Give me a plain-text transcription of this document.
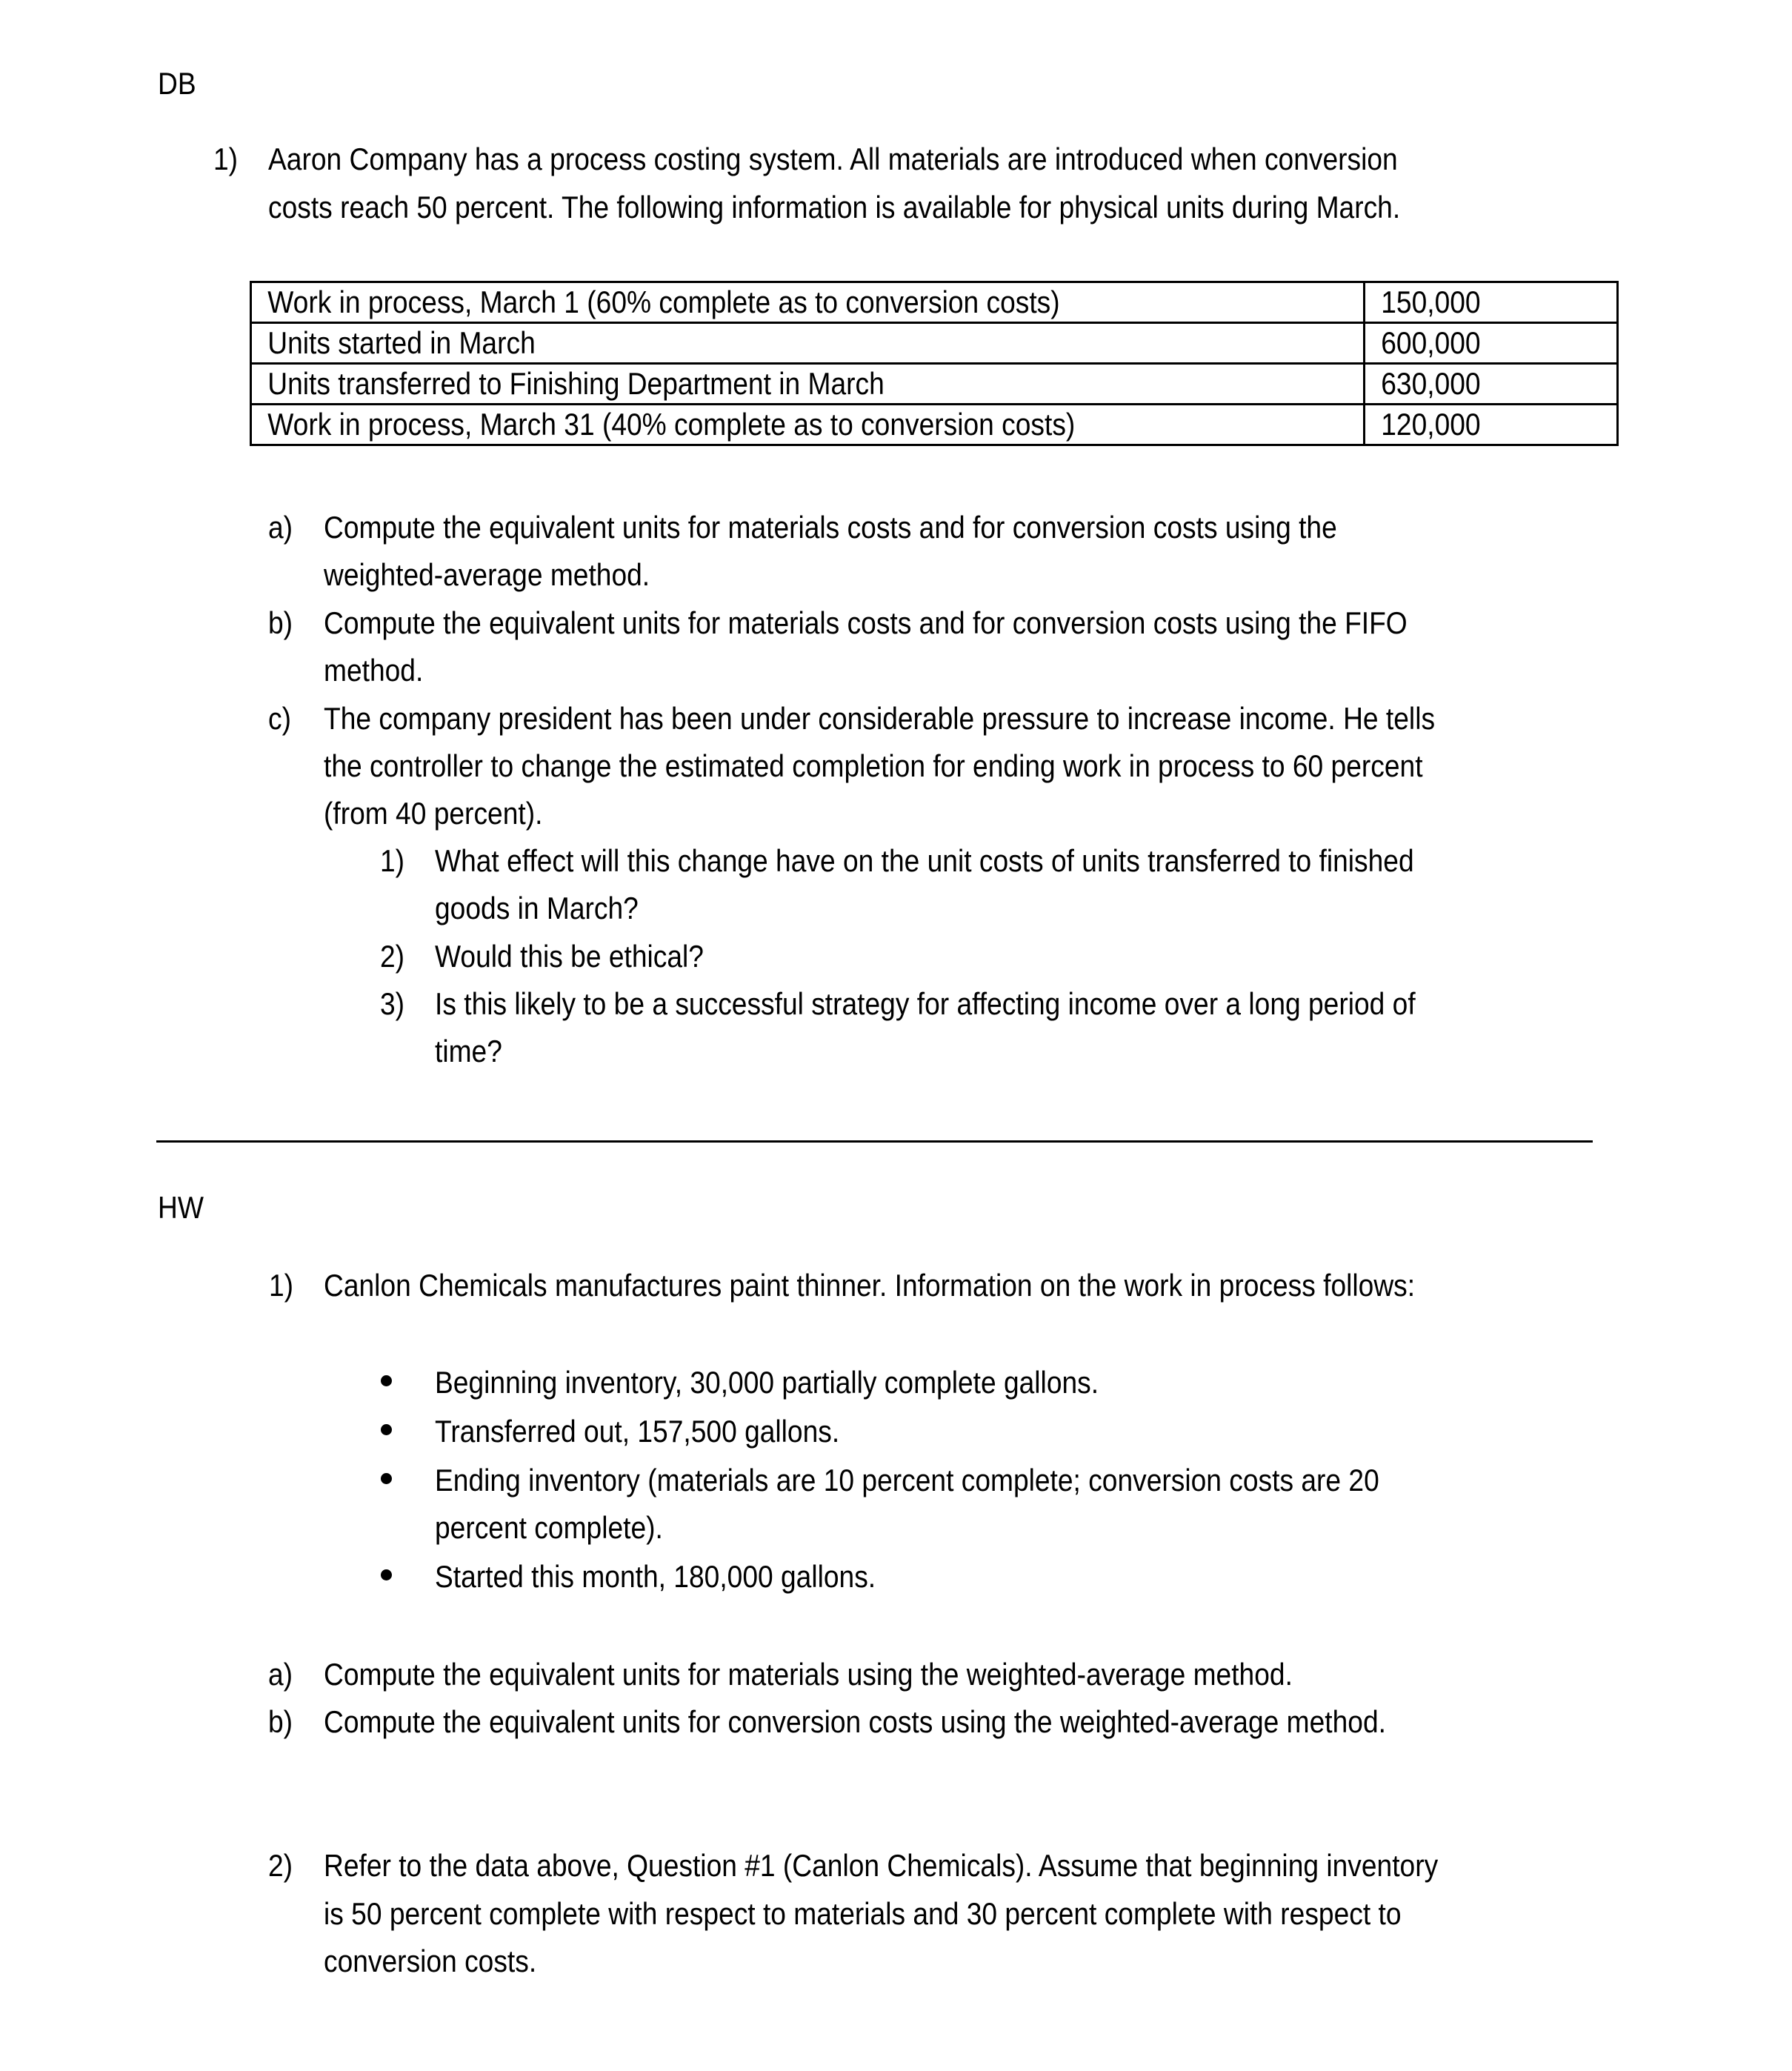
DB
1) Aaron Company has a process costing system. All materials are introduced when conversion
costs reach 50 percent. The following information is available for physical units during March.
Work in process, March 1 (60% complete as to conversion costs)	150,000
Units started in March	600,000
Units transferred to Finishing Department in March	630,000
Work in process, March 31 (40% complete as to conversion costs)	120,000
a) Compute the equivalent units for materials costs and for conversion costs using the
weighted-average method.
b) Compute the equivalent units for materials costs and for conversion costs using the FIFO
method.
c) The company president has been under considerable pressure to increase income. He tells
the controller to change the estimated completion for ending work in process to 60 percent
(from 40 percent).
1) What effect will this change have on the unit costs of units transferred to finished
goods in March?
2) Would this be ethical?
3) Is this likely to be a successful strategy for affecting income over a long period of
time?
HW
1) Canlon Chemicals manufactures paint thinner. Information on the work in process follows:
Beginning inventory, 30,000 partially complete gallons.
Transferred out, 157,500 gallons.
Ending inventory (materials are 10 percent complete; conversion costs are 20
percent complete).
Started this month, 180,000 gallons.
a) Compute the equivalent units for materials using the weighted-average method.
b) Compute the equivalent units for conversion costs using the weighted-average method.
2) Refer to the data above, Question #1 (Canlon Chemicals). Assume that beginning inventory
is 50 percent complete with respect to materials and 30 percent complete with respect to
conversion costs.
